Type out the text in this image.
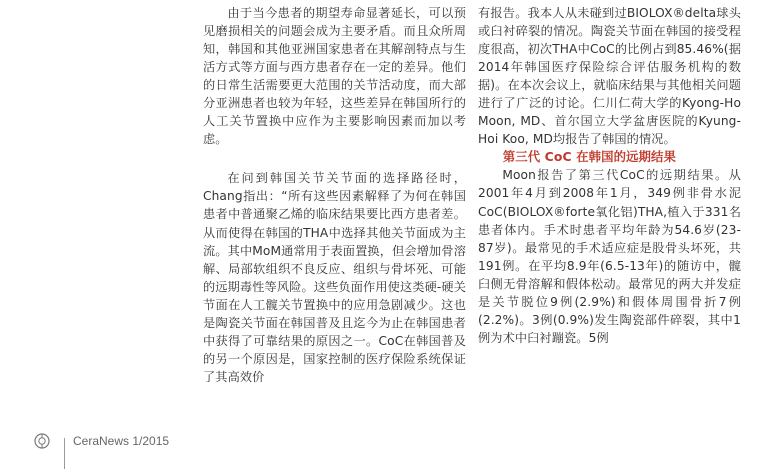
由于当今患者的期望寿命显著延长，可以预见磨损相关的问题会成为主要矛盾。而且众所周知，韩国和其他亚洲国家患者在其解剖特点与生活方式等方面与西方患者存在一定的差异。他们的日常生活需要更大范围的关节活动度，而大部分亚洲患者也较为年轻，这些差异在韩国所行的人工关节置换中应作为主要影响因素而加以考虑。

在问到韩国关节关节面的选择路径时，Chang指出：“所有这些因素解释了为何在韩国患者中普通聚乙烯的临床结果要比西方患者差。从而使得在韩国的THA中选择其他关节面成为主流。其中MoM通常用于表面置换，但会增加骨溶解、局部软组织不良反应、组织与骨坏死、可能的远期毒性等风险。这些负面作用使这类硬-硬关节面在人工髋关节置换中的应用急剧减少。这也是陶瓷关节面在韩国普及且迄今为止在韩国患者中获得了可靠结果的原因之一。CoC在韩国普及的另一个原因是，国家控制的医疗保险系统保证了其高效价

有报告。我本人从未碰到过BIOLOX®delta球头或臼衬碎裂的情况。陶瓷关节面在韩国的接受程度很高，初次THA中CoC的比例占到85.46%(据2014年韩国医疗保险综合评估服务机构的数据)。在本次会议上，就临床结果与其他相关问题进行了广泛的讨论。仁川仁荷大学的Kyong-Ho Moon, MD、首尔国立大学盆唐医院的Kyung-Hoi Koo, MD均报告了韩国的情况。

第三代 CoC 在韩国的远期结果

Moon报告了第三代CoC的远期结果。从2001年4月到2008年1月，349例非骨水泥CoC(BIOLOX®forte氧化铝)THA,植入于331名患者体内。手术时患者平均年龄为54.6岁(23-87岁)。最常见的手术适应症是股骨头坏死，共191例。在平均8.9年(6.5-13年)的随访中，髋臼侧无骨溶解和假体松动。最常见的两大并发症是关节脱位9例(2.9%)和假体周围骨折7例(2.2%)。3例(0.9%)发生陶瓷部件碎裂，其中1例为术中臼衬蹦瓷。5例

CeraNews 1/2015
